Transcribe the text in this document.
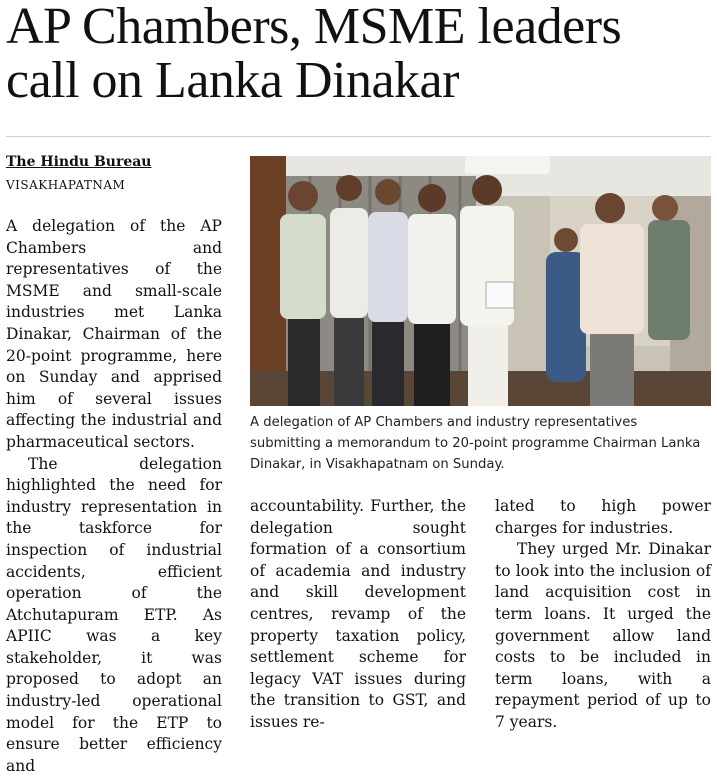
AP Chambers, MSME leaders
call on Lanka Dinakar
The Hindu Bureau
VISAKHAPATNAM

A delegation of the AP Chambers and representatives of the MSME and small-scale industries met Lanka Dinakar, Chairman of the 20-point programme, here on Sunday and apprised him of several issues affecting the industrial and pharmaceutical sectors.

The delegation highlighted the need for industry representation in the taskforce for inspection of industrial accidents, efficient operation of the Atchutapuram ETP. As APIIC was a key stakeholder, it was proposed to adopt an industry-led operational model for the ETP to ensure better efficiency and

A delegation of AP Chambers and industry representatives submitting a memorandum to 20-point programme Chairman Lanka Dinakar, in Visakhapatnam on Sunday.

accountability. Further, the delegation sought formation of a consortium of academia and industry and skill development centres, revamp of the property taxation policy, settlement scheme for legacy VAT issues during the transition to GST, and issues re-

lated to high power charges for industries.

They urged Mr. Dinakar to look into the inclusion of land acquisition cost in term loans. It urged the government allow land costs to be included in term loans, with a repayment period of up to 7 years.
